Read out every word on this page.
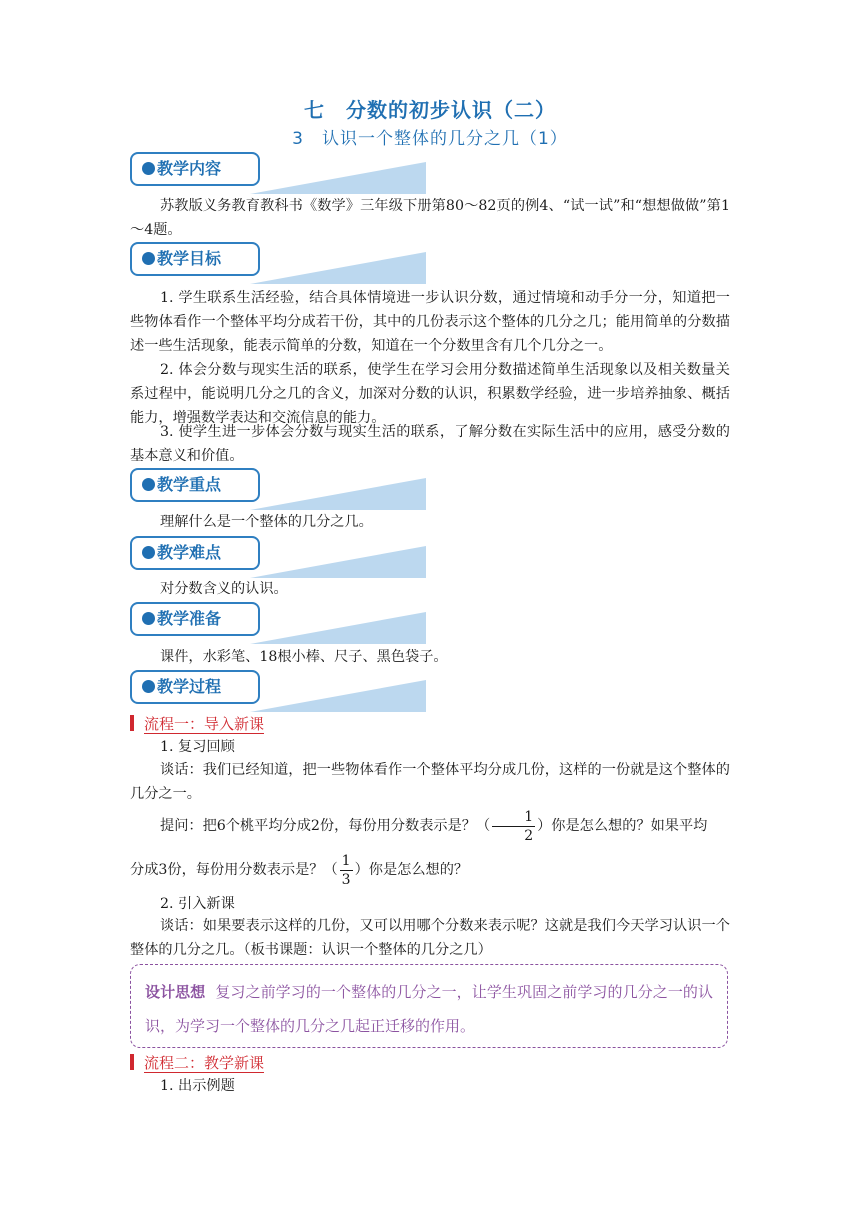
七　分数的初步认识（二）
3　认识一个整体的几分之几（1）
教学内容
苏教版义务教育教科书《数学》三年级下册第80～82页的例4、“试一试”和“想想做做”第1～4题。
教学目标
1. 学生联系生活经验，结合具体情境进一步认识分数，通过情境和动手分一分，知道把一些物体看作一个整体平均分成若干份，其中的几份表示这个整体的几分之几；能用简单的分数描述一些生活现象，能表示简单的分数，知道在一个分数里含有几个几分之一。
2. 体会分数与现实生活的联系，使学生在学习会用分数描述简单生活现象以及相关数量关系过程中，能说明几分之几的含义，加深对分数的认识，积累数学经验，进一步培养抽象、概括能力，增强数学表达和交流信息的能力。
3. 使学生进一步体会分数与现实生活的联系，了解分数在实际生活中的应用，感受分数的基本意义和价值。
教学重点
理解什么是一个整体的几分之几。
教学难点
对分数含义的认识。
教学准备
课件，水彩笔、18根小棒、尺子、黑色袋子。
教学过程
流程一：导入新课
1. 复习回顾
谈话：我们已经知道，把一些物体看作一个整体平均分成几份，这样的一份就是这个整体的几分之一。
提问：把6个桃平均分成2份，每份用分数表示是？（ $\frac{1}{2}$ ）你是怎么想的？如果平均
分成3份，每份用分数表示是？（ $\frac{1}{3}$ ）你是怎么想的？
2. 引入新课
谈话：如果要表示这样的几份，又可以用哪个分数来表示呢？这就是我们今天学习认识一个整体的几分之几。（板书课题：认识一个整体的几分之几）
设计思想 复习之前学习的一个整体的几分之一，让学生巩固之前学习的几分之一的认识，为学习一个整体的几分之几起正迁移的作用。
流程二：教学新课
1. 出示例题
